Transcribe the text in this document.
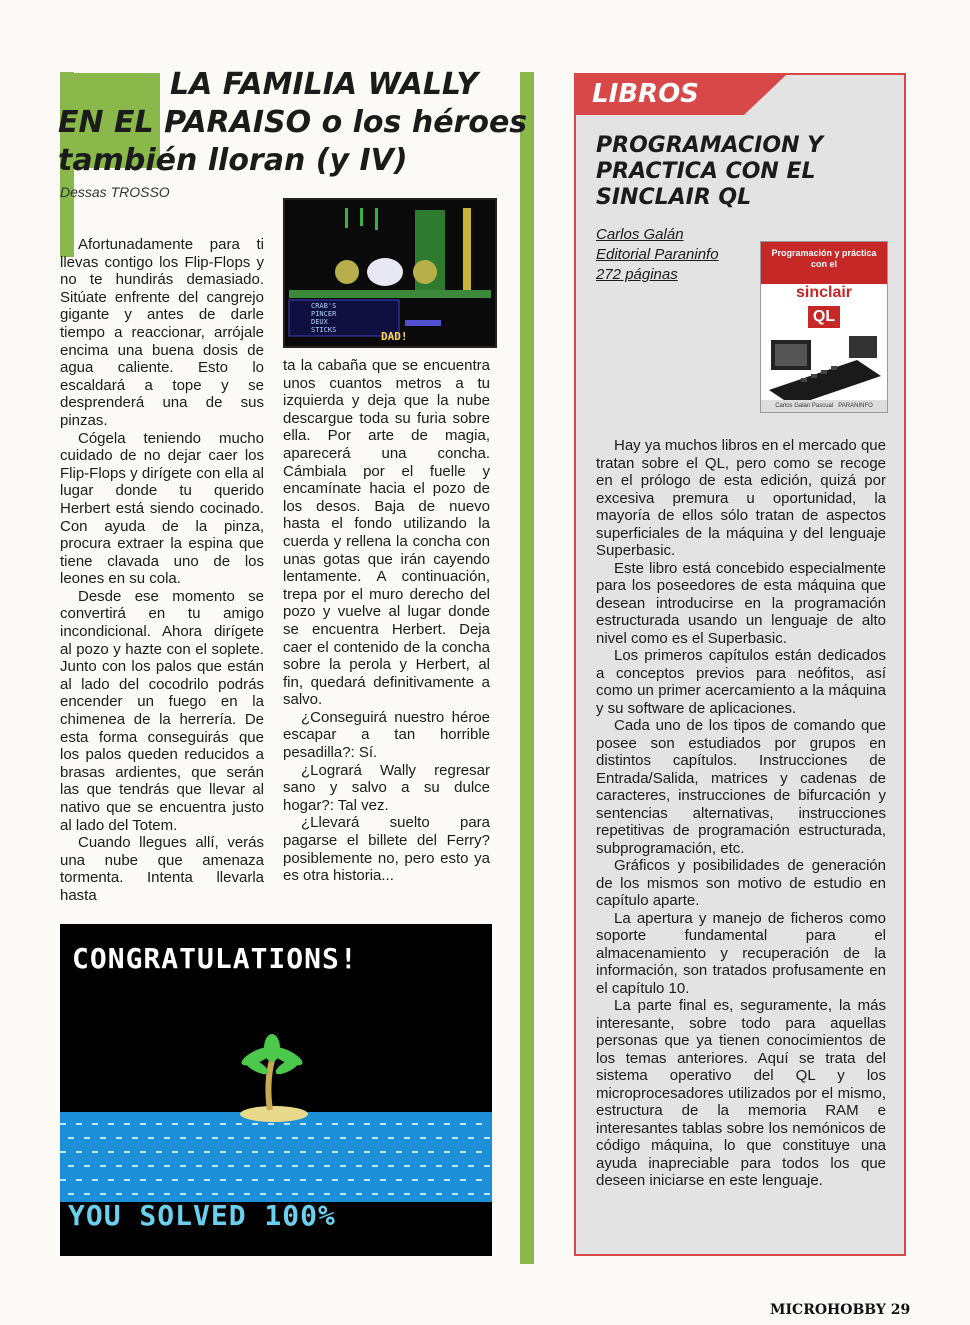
LA FAMILIA WALLY
EN EL PARAISO o los héroes
también lloran (y IV)
Dessas TROSSO

Afortunadamente para ti llevas contigo los Flip-Flops y no te hundirás demasiado. Sitúate enfrente del cangrejo gigante y antes de darle tiempo a reaccionar, arrójale encima una buena dosis de agua caliente. Esto lo escaldará a tope y se desprenderá una de sus pinzas.

Cógela teniendo mucho cuidado de no dejar caer los Flip-Flops y dirígete con ella al lugar donde tu querido Herbert está siendo cocinado. Con ayuda de la pinza, procura extraer la espina que tiene clavada uno de los leones en su cola.

Desde ese momento se convertirá en tu amigo incondicional. Ahora dirígete al pozo y hazte con el soplete. Junto con los palos que están al lado del cocodrilo podrás encender un fuego en la chimenea de la herrería. De esta forma conseguirás que los palos queden reducidos a brasas ardientes, que serán las que tendrás que llevar al nativo que se encuentra justo al lado del Totem.

Cuando llegues allí, verás una nube que amenaza tormenta. Intenta llevarla hasta

CRAB'S
PINCER
DEUX
STICKS	DAD!

ta la cabaña que se encuentra unos cuantos metros a tu izquierda y deja que la nube descargue toda su furia sobre ella. Por arte de magia, aparecerá una concha. Cámbiala por el fuelle y encamínate hacia el pozo de los desos. Baja de nuevo hasta el fondo utilizando la cuerda y rellena la concha con unas gotas que irán cayendo lentamente. A continuación, trepa por el muro derecho del pozo y vuelve al lugar donde se encuentra Herbert. Deja caer el contenido de la concha sobre la perola y Herbert, al fin, quedará definitivamente a salvo.

¿Conseguirá nuestro héroe escapar a tan horrible pesadilla?: Sí.

¿Logrará Wally regresar sano y salvo a su dulce hogar?: Tal vez.

¿Llevará suelto para pagarse el billete del Ferry? posiblemente no, pero esto ya es otra historia...

CONGRATULATIONS!
YOU SOLVED 100%
LIBROS
PROGRAMACION Y PRACTICA CON EL SINCLAIR QL
Carlos Galán
Editorial Paraninfo
272 páginas
Programación y práctica con el
sinclair
QL
Carlos Galán Pascual PARANINFO

Hay ya muchos libros en el mercado que tratan sobre el QL, pero como se recoge en el prólogo de esta edición, quizá por excesiva premura u oportunidad, la mayoría de ellos sólo tratan de aspectos superficiales de la máquina y del lenguaje Superbasic.

Este libro está concebido especialmente para los poseedores de esta máquina que desean introducirse en la programación estructurada usando un lenguaje de alto nivel como es el Superbasic.

Los primeros capítulos están dedicados a conceptos previos para neófitos, así como un primer acercamiento a la máquina y su software de aplicaciones.

Cada uno de los tipos de comando que posee son estudiados por grupos en distintos capítulos. Instrucciones de Entrada/Salida, matrices y cadenas de caracteres, instrucciones de bifurcación y sentencias alternativas, instrucciones repetitivas de programación estructurada, subprogramación, etc.

Gráficos y posibilidades de generación de los mismos son motivo de estudio en capítulo aparte.

La apertura y manejo de ficheros como soporte fundamental para el almacenamiento y recuperación de la información, son tratados profusamente en el capítulo 10.

La parte final es, seguramente, la más interesante, sobre todo para aquellas personas que ya tienen conocimientos de los temas anteriores. Aquí se trata del sistema operativo del QL y los microprocesadores utilizados por el mismo, estructura de la memoria RAM e interesantes tablas sobre los nemónicos de código máquina, lo que constituye una ayuda inapreciable para todos los que deseen iniciarse en este lenguaje.

MICROHOBBY 29
